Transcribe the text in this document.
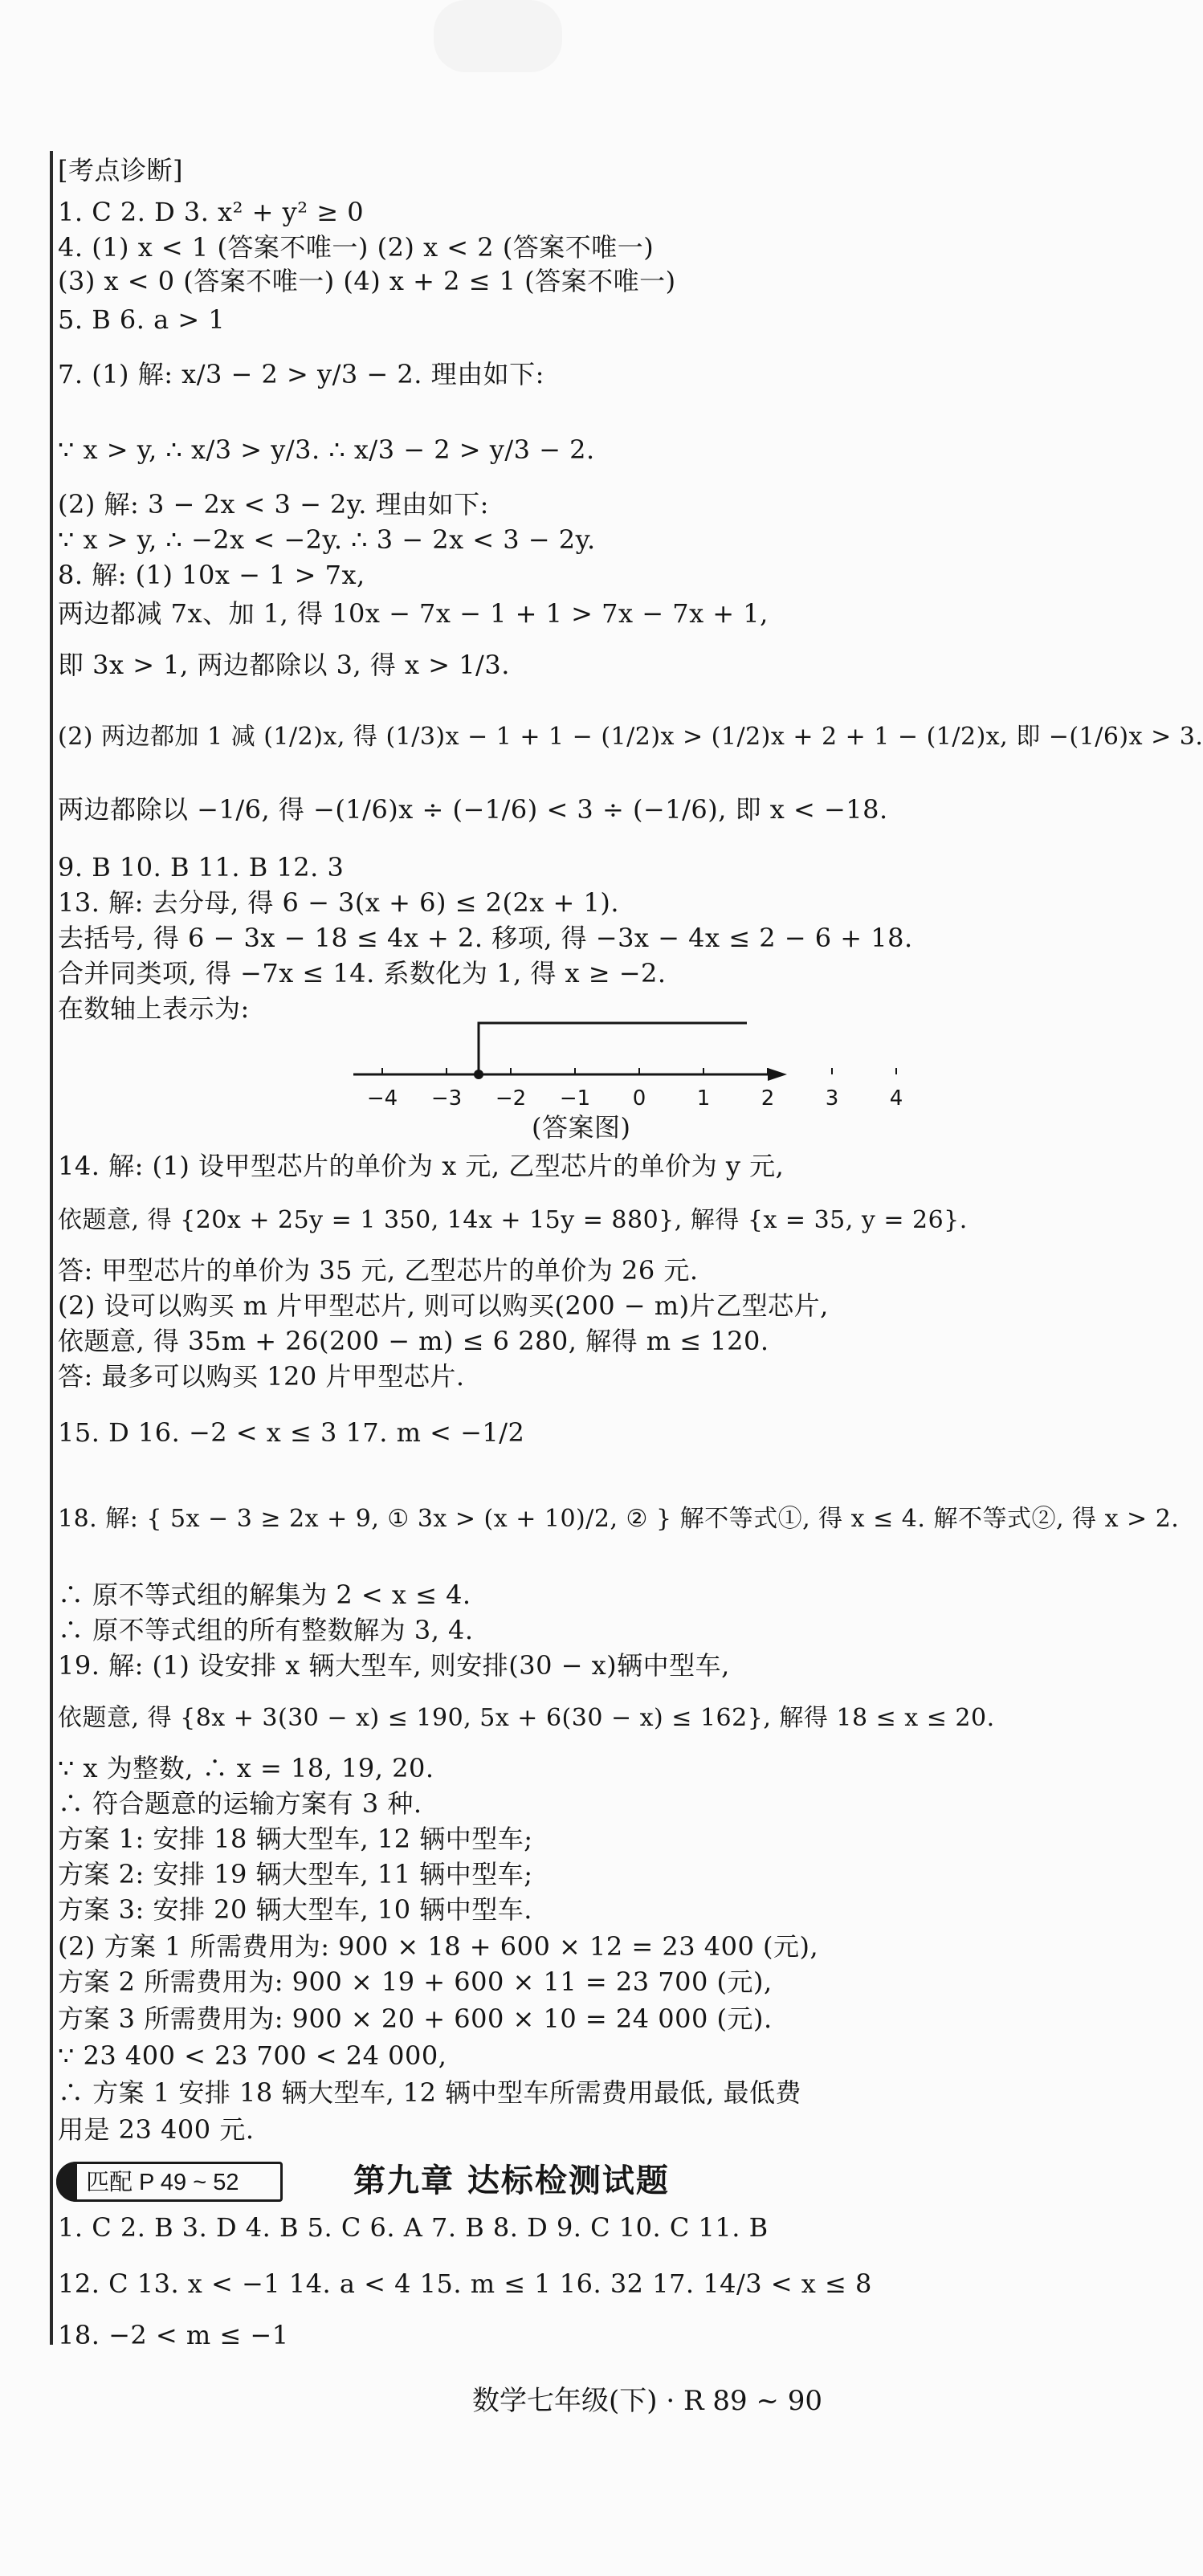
[考点诊断]
1. C 2. D 3. x² + y² ≥ 0
4. (1) x < 1 (答案不唯一) (2) x < 2 (答案不唯一)
(3) x < 0 (答案不唯一) (4) x + 2 ≤ 1 (答案不唯一)
5. B 6. a > 1
7. (1) 解: x/3 − 2 > y/3 − 2. 理由如下:
∵ x > y, ∴ x/3 > y/3. ∴ x/3 − 2 > y/3 − 2.
(2) 解: 3 − 2x < 3 − 2y. 理由如下:
∵ x > y, ∴ −2x < −2y. ∴ 3 − 2x < 3 − 2y.
8. 解: (1) 10x − 1 > 7x,
两边都减 7x、加 1, 得 10x − 7x − 1 + 1 > 7x − 7x + 1,
即 3x > 1, 两边都除以 3, 得 x > 1/3.
(2) 两边都加 1 减 (1/2)x, 得 (1/3)x − 1 + 1 − (1/2)x > (1/2)x + 2 + 1 − (1/2)x, 即 −(1/6)x > 3.
两边都除以 −1/6, 得 −(1/6)x ÷ (−1/6) < 3 ÷ (−1/6), 即 x < −18.
9. B 10. B 11. B 12. 3
13. 解: 去分母, 得 6 − 3(x + 6) ≤ 2(2x + 1).
去括号, 得 6 − 3x − 18 ≤ 4x + 2. 移项, 得 −3x − 4x ≤ 2 − 6 + 18.
合并同类项, 得 −7x ≤ 14. 系数化为 1, 得 x ≥ −2.
在数轴上表示为:
−4 −3 −2 −1 0 1 2 3 4
(答案图)
14. 解: (1) 设甲型芯片的单价为 x 元, 乙型芯片的单价为 y 元,
依题意, 得 {20x + 25y = 1 350, 14x + 15y = 880}, 解得 {x = 35, y = 26}.
答: 甲型芯片的单价为 35 元, 乙型芯片的单价为 26 元.
(2) 设可以购买 m 片甲型芯片, 则可以购买(200 − m)片乙型芯片,
依题意, 得 35m + 26(200 − m) ≤ 6 280, 解得 m ≤ 120.
答: 最多可以购买 120 片甲型芯片.
15. D 16. −2 < x ≤ 3 17. m < −1/2
18. 解: { 5x − 3 ≥ 2x + 9, ① 3x > (x + 10)/2, ② } 解不等式①, 得 x ≤ 4. 解不等式②, 得 x > 2.
∴ 原不等式组的解集为 2 < x ≤ 4.
∴ 原不等式组的所有整数解为 3, 4.
19. 解: (1) 设安排 x 辆大型车, 则安排(30 − x)辆中型车,
依题意, 得 {8x + 3(30 − x) ≤ 190, 5x + 6(30 − x) ≤ 162}, 解得 18 ≤ x ≤ 20.
∵ x 为整数, ∴ x = 18, 19, 20.
∴ 符合题意的运输方案有 3 种.
方案 1: 安排 18 辆大型车, 12 辆中型车;
方案 2: 安排 19 辆大型车, 11 辆中型车;
方案 3: 安排 20 辆大型车, 10 辆中型车.
(2) 方案 1 所需费用为: 900 × 18 + 600 × 12 = 23 400 (元),
方案 2 所需费用为: 900 × 19 + 600 × 11 = 23 700 (元),
方案 3 所需费用为: 900 × 20 + 600 × 10 = 24 000 (元).
∵ 23 400 < 23 700 < 24 000,
∴ 方案 1 安排 18 辆大型车, 12 辆中型车所需费用最低, 最低费
用是 23 400 元.
匹配 P 49 ~ 52	第九章 达标检测试题
1. C 2. B 3. D 4. B 5. C 6. A 7. B 8. D 9. C 10. C 11. B
12. C 13. x < −1 14. a < 4 15. m ≤ 1 16. 32 17. 14/3 < x ≤ 8
18. −2 < m ≤ −1
数学七年级(下) · R 89 ~ 90
